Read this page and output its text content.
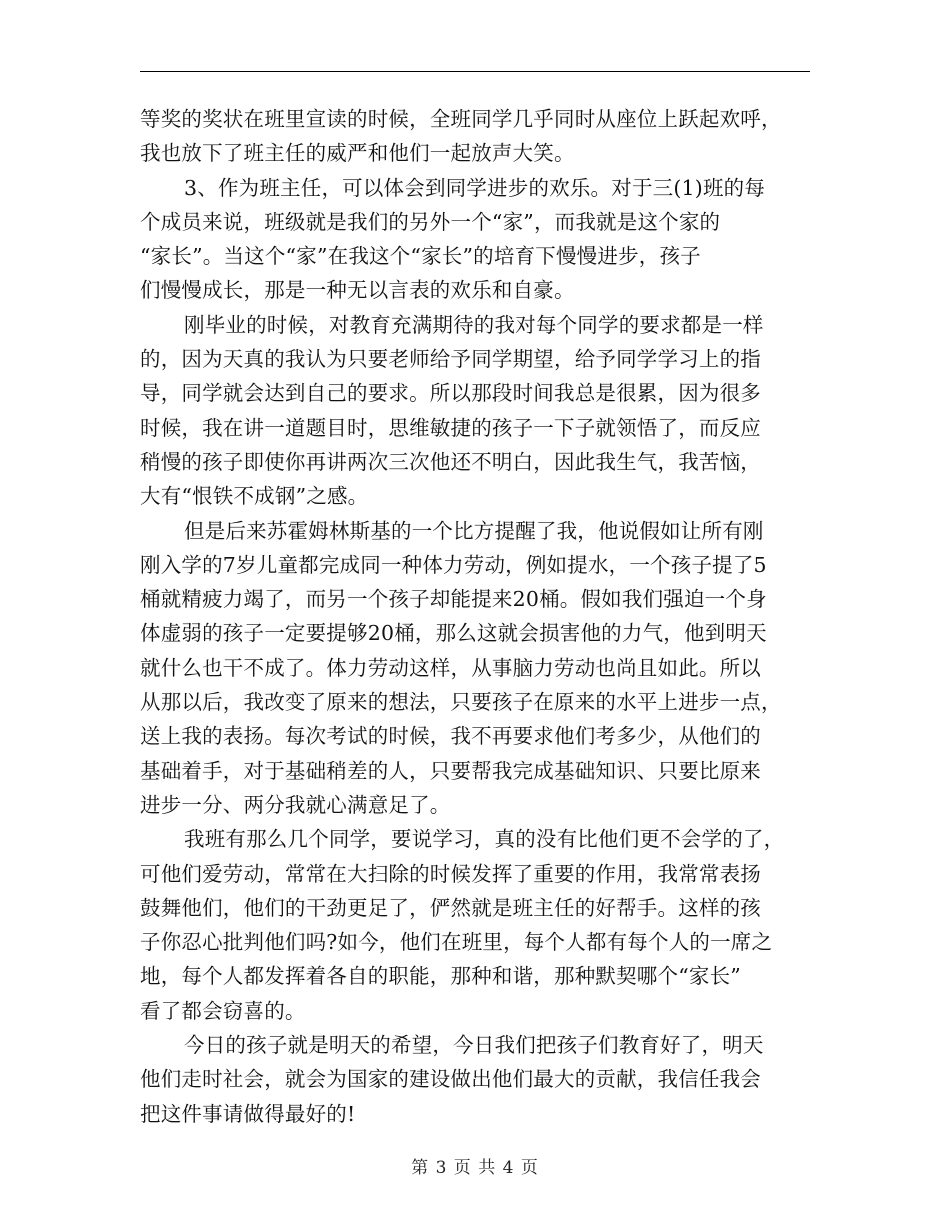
等奖的奖状在班里宣读的时候，全班同学几乎同时从座位上跃起欢呼，
我也放下了班主任的威严和他们一起放声大笑。
3、作为班主任，可以体会到同学进步的欢乐。对于三(1)班的每
个成员来说，班级就是我们的另外一个“家”，而我就是这个家的
“家长”。当这个“家”在我这个“家长”的培育下慢慢进步，孩子
们慢慢成长，那是一种无以言表的欢乐和自豪。
刚毕业的时候，对教育充满期待的我对每个同学的要求都是一样
的，因为天真的我认为只要老师给予同学期望，给予同学学习上的指
导，同学就会达到自己的要求。所以那段时间我总是很累，因为很多
时候，我在讲一道题目时，思维敏捷的孩子一下子就领悟了，而反应
稍慢的孩子即使你再讲两次三次他还不明白，因此我生气，我苦恼，
大有“恨铁不成钢”之感。
但是后来苏霍姆林斯基的一个比方提醒了我，他说假如让所有刚
刚入学的7岁儿童都完成同一种体力劳动，例如提水，一个孩子提了5
桶就精疲力竭了，而另一个孩子却能提来20桶。假如我们强迫一个身
体虚弱的孩子一定要提够20桶，那么这就会损害他的力气，他到明天
就什么也干不成了。体力劳动这样，从事脑力劳动也尚且如此。所以
从那以后，我改变了原来的想法，只要孩子在原来的水平上进步一点，
送上我的表扬。每次考试的时候，我不再要求他们考多少，从他们的
基础着手，对于基础稍差的人，只要帮我完成基础知识、只要比原来
进步一分、两分我就心满意足了。
我班有那么几个同学，要说学习，真的没有比他们更不会学的了，
可他们爱劳动，常常在大扫除的时候发挥了重要的作用，我常常表扬
鼓舞他们，他们的干劲更足了，俨然就是班主任的好帮手。这样的孩
子你忍心批判他们吗?如今，他们在班里，每个人都有每个人的一席之
地，每个人都发挥着各自的职能，那种和谐，那种默契哪个“家长”
看了都会窃喜的。
今日的孩子就是明天的希望，今日我们把孩子们教育好了，明天
他们走时社会，就会为国家的建设做出他们最大的贡献，我信任我会
把这件事请做得最好的!
第 3 页 共 4 页
